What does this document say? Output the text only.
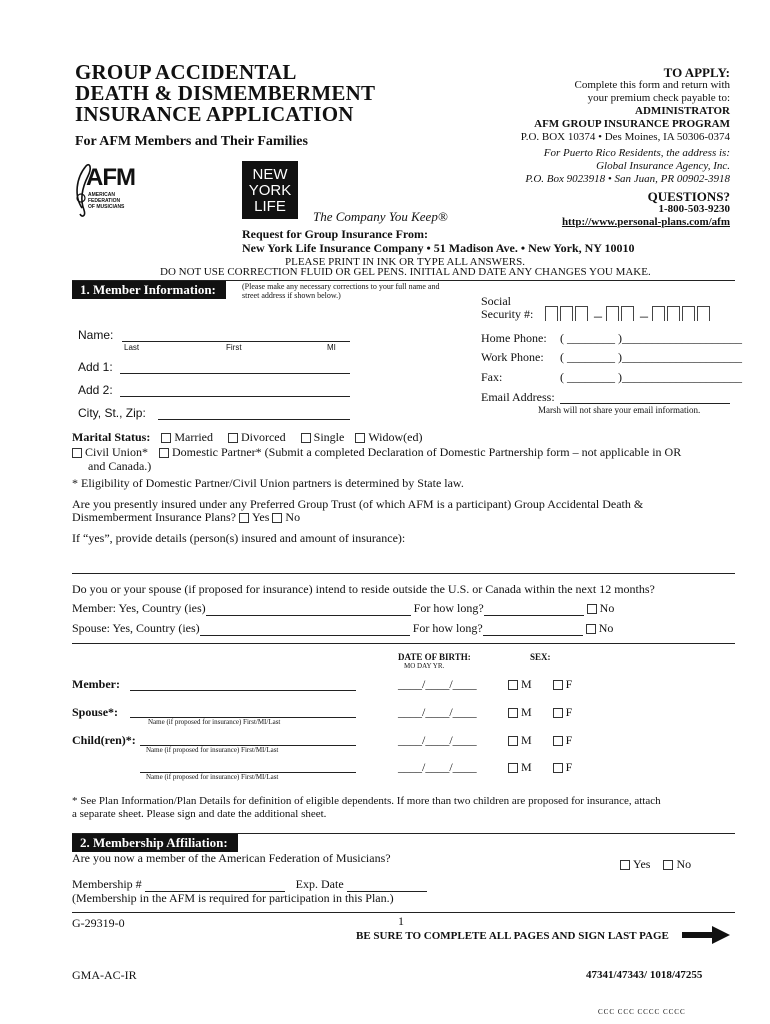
GROUP ACCIDENTAL
DEATH & DISMEMBERMENT
INSURANCE APPLICATION
For AFM Members and Their Families
TO APPLY:
Complete this form and return with
your premium check payable to:
ADMINISTRATOR
AFM GROUP INSURANCE PROGRAM
P.O. BOX 10374 • Des Moines, IA 50306-0374
For Puerto Rico Residents, the address is:
Global Insurance Agency, Inc.
P.O. Box 9023918 • San Juan, PR 00902-3918
QUESTIONS?
1-800-503-9230
http://www.personal-plans.com/afm
AFM
AMERICAN
FEDERATION
OF MUSICIANS
NEW
YORK
LIFE
The Company You Keep®
Request for Group Insurance From:
New York Life Insurance Company • 51 Madison Ave. • New York, NY 10010
PLEASE PRINT IN INK OR TYPE ALL ANSWERS.
DO NOT USE CORRECTION FLUID OR GEL PENS. INITIAL AND DATE ANY CHANGES YOU MAKE.
1. Member Information:	(Please make any necessary corrections to your full name and street address if shown below.)
Name:
Last	First	MI
Add 1:
Add 2:
City, St., Zip:
Social
Security #:	–  –
Home Phone: ( ________ )____________________
Work Phone: ( ________ )____________________
Fax:	( ________ )____________________
Email Address:
Marsh will not share your email information.
Marital Status: Married Divorced Single Widow(ed)
Civil Union* Domestic Partner* (Submit a completed Declaration of Domestic Partnership form – not applicable in OR
and Canada.)
* Eligibility of Domestic Partner/Civil Union partners is determined by State law.
Are you presently insured under any Preferred Group Trust (of which AFM is a participant) Group Accidental Death &
Dismemberment Insurance Plans? Yes No
If “yes”, provide details (person(s) insured and amount of insurance):
Do you or your spouse (if proposed for insurance) intend to reside outside the U.S. or Canada within the next 12 months?
Member: Yes, Country (ies)	For how long?	No
Spouse: Yes, Country (ies)	For how long?	No
DATE OF BIRTH:
MO DAY YR.
SEX:
Member:	____/____/____	M	F
Spouse*:
Name (if proposed for insurance) First/MI/Last
____/____/____	M	F
Child(ren)*:
Name (if proposed for insurance) First/MI/Last
____/____/____	M	F
Name (if proposed for insurance) First/MI/Last
____/____/____	M	F
* See Plan Information/Plan Details for definition of eligible dependents. If more than two children are proposed for insurance, attach
a separate sheet. Please sign and date the additional sheet.
2. Membership Affiliation:
Are you now a member of the American Federation of Musicians?	Yes No
Membership #	Exp. Date
(Membership in the AFM is required for participation in this Plan.)
G-29319-0	1
BE SURE TO COMPLETE ALL PAGES AND SIGN LAST PAGE
GMA-AC-IR	47341/47343/ 1018/47255
CCC CCC CCCC CCCC
